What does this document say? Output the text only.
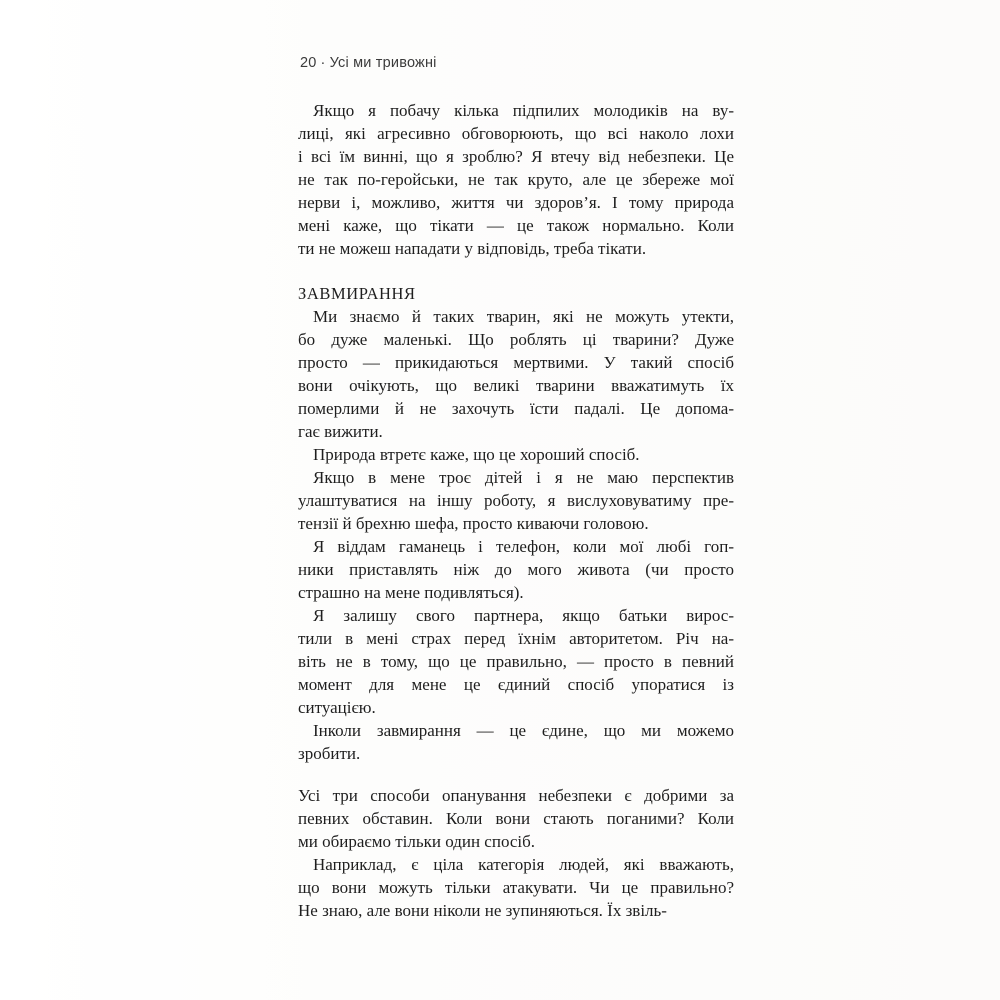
20 · Усі ми тривожні

Якщо я побачу кілька підпилих молодиків на ву-
лиці, які агресивно обговорюють, що всі наколо лохи
і всі їм винні, що я зроблю? Я втечу від небезпеки. Це
не так по-геройськи, не так круто, але це збереже мої
нерви і, можливо, життя чи здоров’я. І тому природа
мені каже, що тікати — це також нормально. Коли
ти не можеш нападати у відповідь, треба тікати.

ЗАВМИРАННЯ

Ми знаємо й таких тварин, які не можуть утекти,
бо дуже маленькі. Що роблять ці тварини? Дуже
просто — прикидаються мертвими. У такий спосіб
вони очікують, що великі тварини вважатимуть їх
померлими й не захочуть їсти падалі. Це допома-
гає вижити.

Природа втретє каже, що це хороший спосіб.

Якщо в мене троє дітей і я не маю перспектив
улаштуватися на іншу роботу, я вислуховуватиму пре-
тензії й брехню шефа, просто киваючи головою.

Я віддам гаманець і телефон, коли мої любі гоп-
ники приставлять ніж до мого живота (чи просто
страшно на мене подивляться).

Я залишу свого партнера, якщо батьки вирос-
тили в мені страх перед їхнім авторитетом. Річ на-
віть не в тому, що це правильно, — просто в певний
момент для мене це єдиний спосіб упоратися із
ситуацією.

Інколи завмирання — це єдине, що ми можемо
зробити.

Усі три способи опанування небезпеки є добрими за
певних обставин. Коли вони стають поганими? Коли
ми обираємо тільки один спосіб.

Наприклад, є ціла категорія людей, які вважають,
що вони можуть тільки атакувати. Чи це правильно?
Не знаю, але вони ніколи не зупиняються. Їх звіль-
